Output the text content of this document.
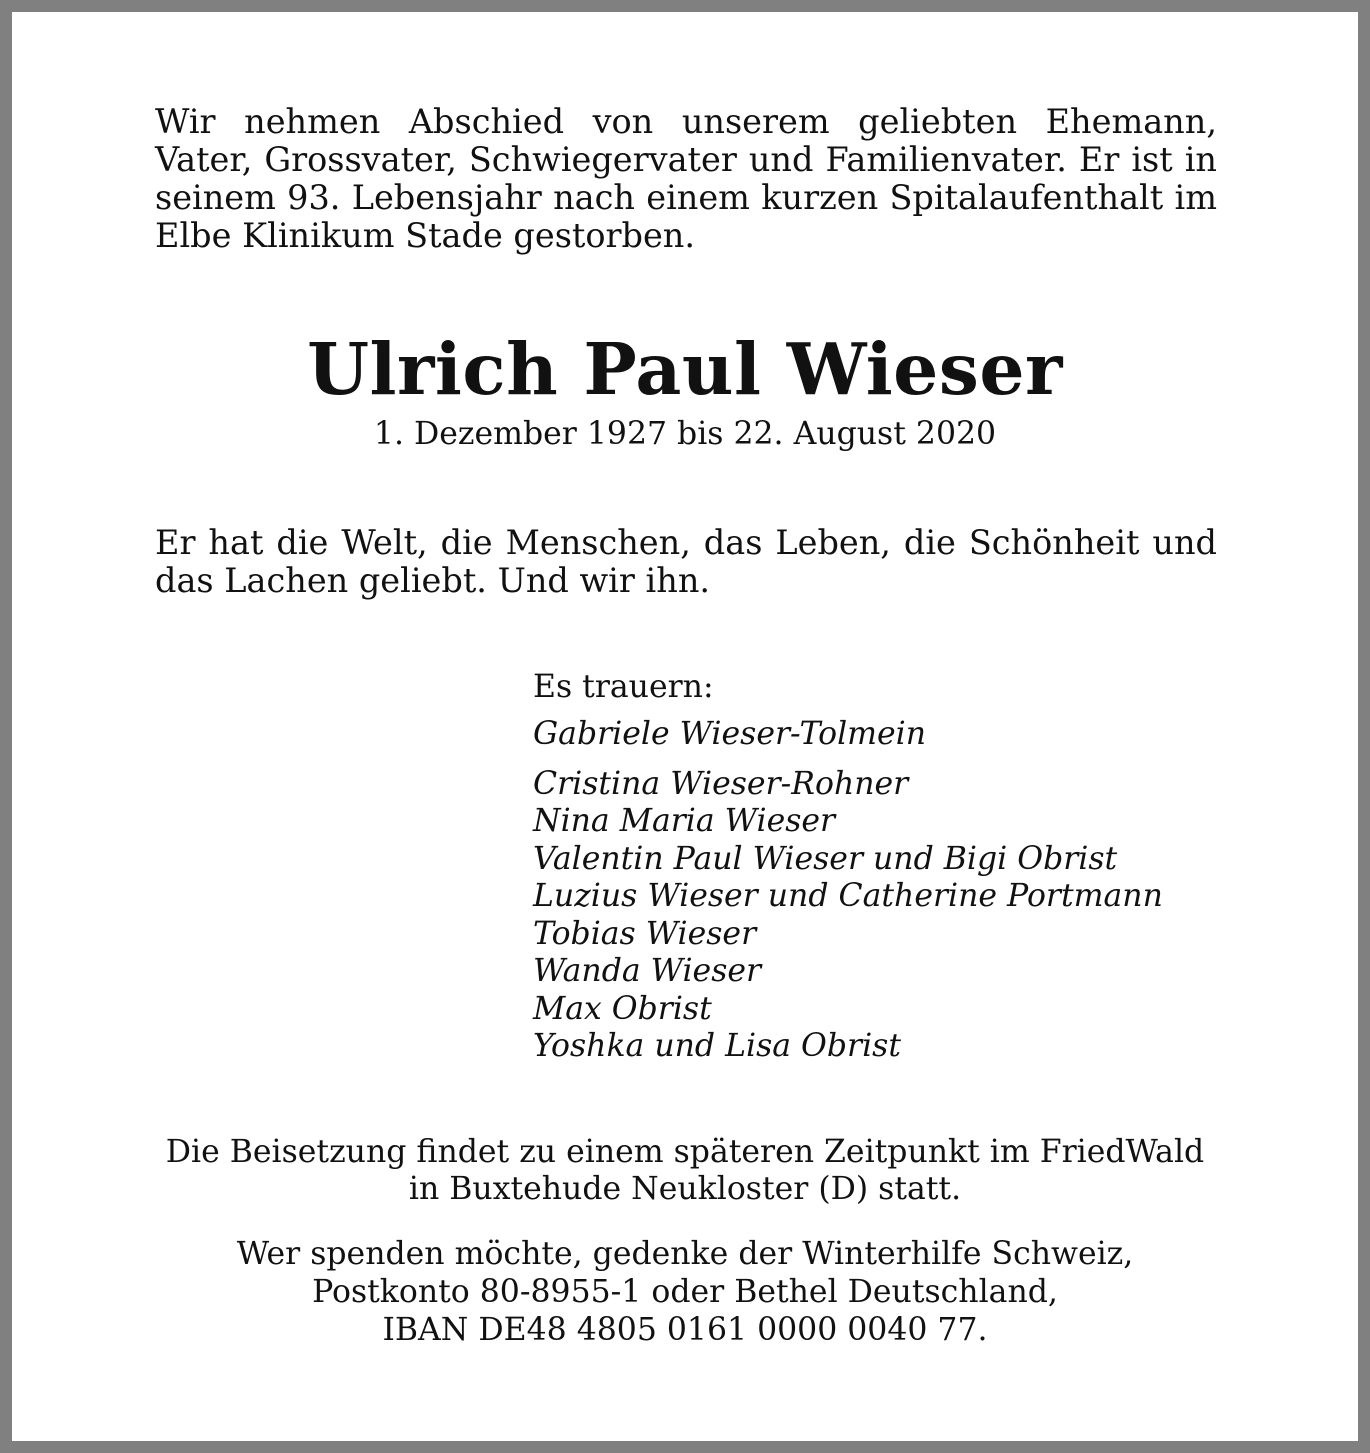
Wir nehmen Abschied von unserem geliebten Ehemann, Vater, Grossvater, Schwiegervater und Familienvater. Er ist in seinem 93. Lebensjahr nach einem kurzen Spitalaufenthalt im Elbe Klinikum Stade gestorben.

Ulrich Paul Wieser

1. Dezember 1927 bis 22. August 2020

Er hat die Welt, die Menschen, das Leben, die Schönheit und das Lachen geliebt. Und wir ihn.

Es trauern:

Gabriele Wieser-Tolmein
Cristina Wieser-Rohner
Nina Maria Wieser
Valentin Paul Wieser und Bigi Obrist
Luzius Wieser und Catherine Portmann
Tobias Wieser
Wanda Wieser
Max Obrist
Yoshka und Lisa Obrist

Die Beisetzung findet zu einem späteren Zeitpunkt im FriedWald
in Buxtehude Neukloster (D) statt.

Wer spenden möchte, gedenke der Winterhilfe Schweiz,
Postkonto 80-8955-1 oder Bethel Deutschland,
IBAN DE48 4805 0161 0000 0040 77.
